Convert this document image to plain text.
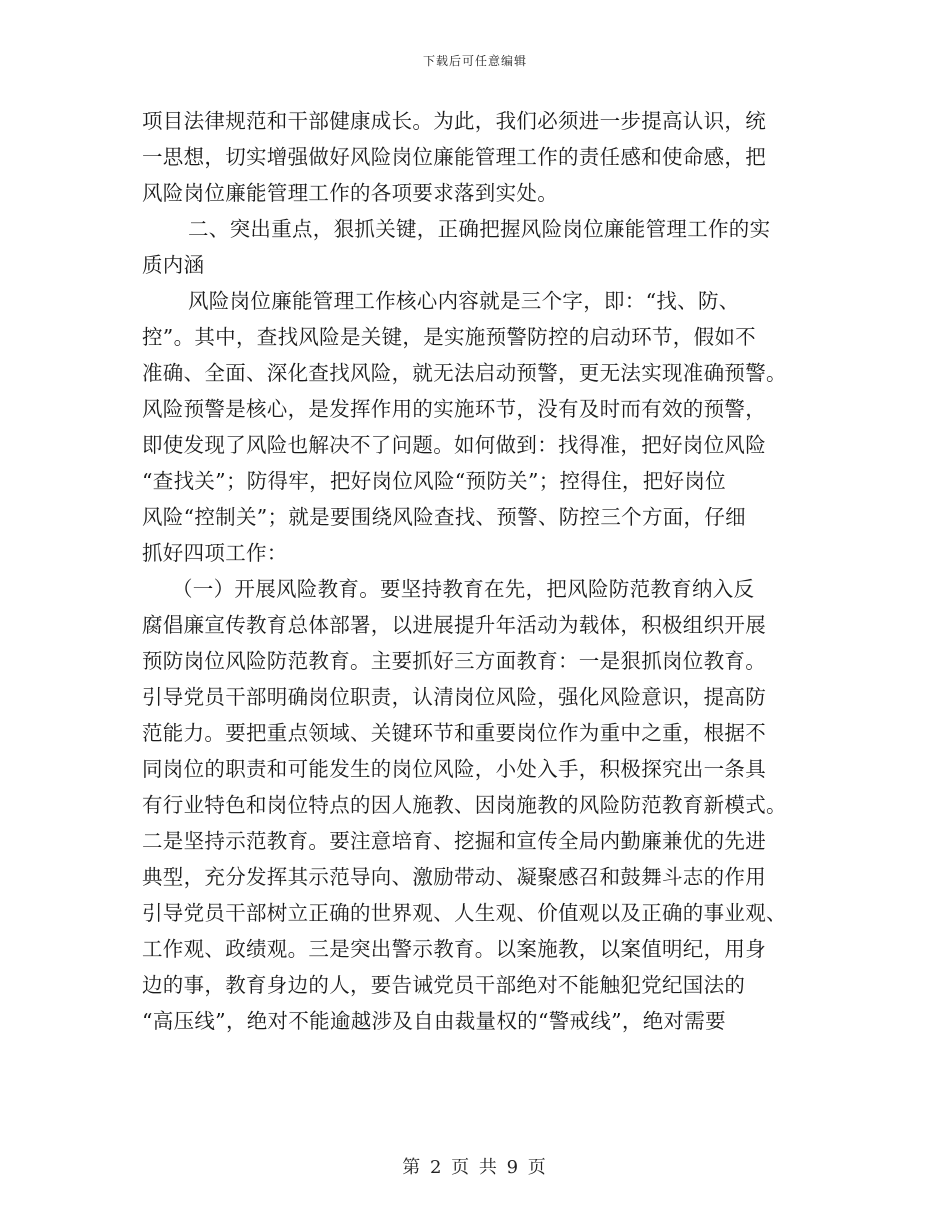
下载后可任意编辑
项目法律规范和干部健康成长。为此，我们必须进一步提高认识，统
一思想，切实增强做好风险岗位廉能管理工作的责任感和使命感，把
风险岗位廉能管理工作的各项要求落到实处。
二、突出重点，狠抓关键，正确把握风险岗位廉能管理工作的实
质内涵
风险岗位廉能管理工作核心内容就是三个字，即：“找、防、
控”。其中，查找风险是关键，是实施预警防控的启动环节，假如不
准确、全面、深化查找风险，就无法启动预警，更无法实现准确预警。
风险预警是核心，是发挥作用的实施环节，没有及时而有效的预警，
即使发现了风险也解决不了问题。如何做到：找得准，把好岗位风险
“查找关”；防得牢，把好岗位风险“预防关”；控得住，把好岗位
风险“控制关”；就是要围绕风险查找、预警、防控三个方面，仔细
抓好四项工作：
（一）开展风险教育。要坚持教育在先，把风险防范教育纳入反
腐倡廉宣传教育总体部署，以进展提升年活动为载体，积极组织开展
预防岗位风险防范教育。主要抓好三方面教育：一是狠抓岗位教育。
引导党员干部明确岗位职责，认清岗位风险，强化风险意识，提高防
范能力。要把重点领域、关键环节和重要岗位作为重中之重，根据不
同岗位的职责和可能发生的岗位风险，小处入手，积极探究出一条具
有行业特色和岗位特点的因人施教、因岗施教的风险防范教育新模式。
二是坚持示范教育。要注意培育、挖掘和宣传全局内勤廉兼优的先进
典型，充分发挥其示范导向、激励带动、凝聚感召和鼓舞斗志的作用
引导党员干部树立正确的世界观、人生观、价值观以及正确的事业观、
工作观、政绩观。三是突出警示教育。以案施教，以案值明纪，用身
边的事，教育身边的人，要告诫党员干部绝对不能触犯党纪国法的
“高压线”，绝对不能逾越涉及自由裁量权的“警戒线”，绝对需要
第 2 页 共 9 页
